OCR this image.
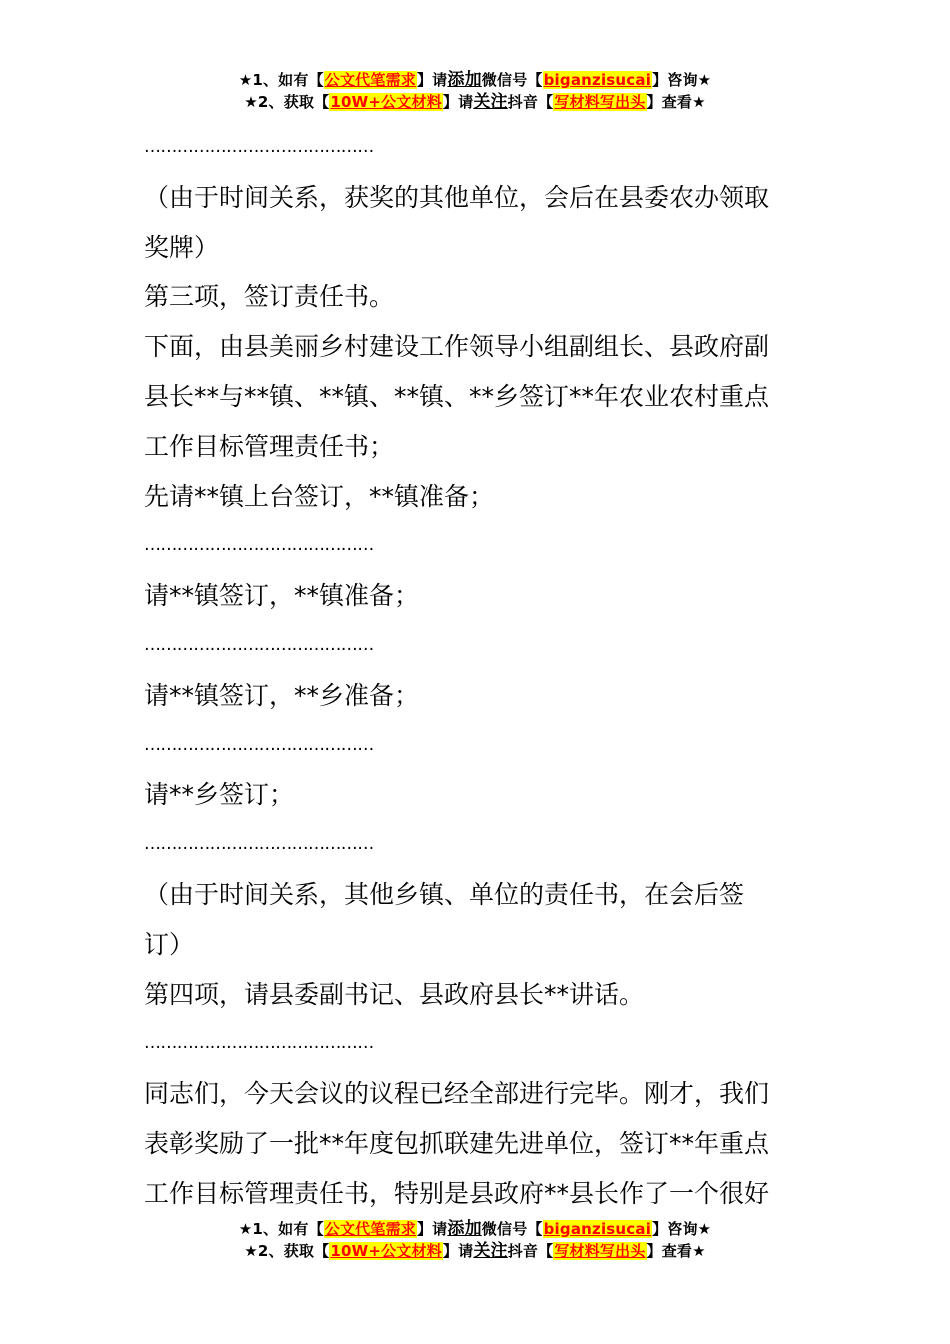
★1、如有【公文代笔需求】请添加微信号【biganzisucai】咨询★
★2、获取【10W+公文材料】请关注抖音【写材料写出头】查看★
……………………………………
（由于时间关系，获奖的其他单位，会后在县委农办领取
奖牌）
第三项，签订责任书。
下面，由县美丽乡村建设工作领导小组副组长、县政府副
县长**与**镇、**镇、**镇、**乡签订**年农业农村重点
工作目标管理责任书；
先请**镇上台签订，**镇准备；
……………………………………
请**镇签订，**镇准备；
……………………………………
请**镇签订，**乡准备；
……………………………………
请**乡签订；
……………………………………
（由于时间关系，其他乡镇、单位的责任书，在会后签
订）
第四项，请县委副书记、县政府县长**讲话。
……………………………………
同志们，今天会议的议程已经全部进行完毕。刚才，我们
表彰奖励了一批**年度包抓联建先进单位，签订**年重点
工作目标管理责任书，特别是县政府**县长作了一个很好
★1、如有【公文代笔需求】请添加微信号【biganzisucai】咨询★
★2、获取【10W+公文材料】请关注抖音【写材料写出头】查看★
